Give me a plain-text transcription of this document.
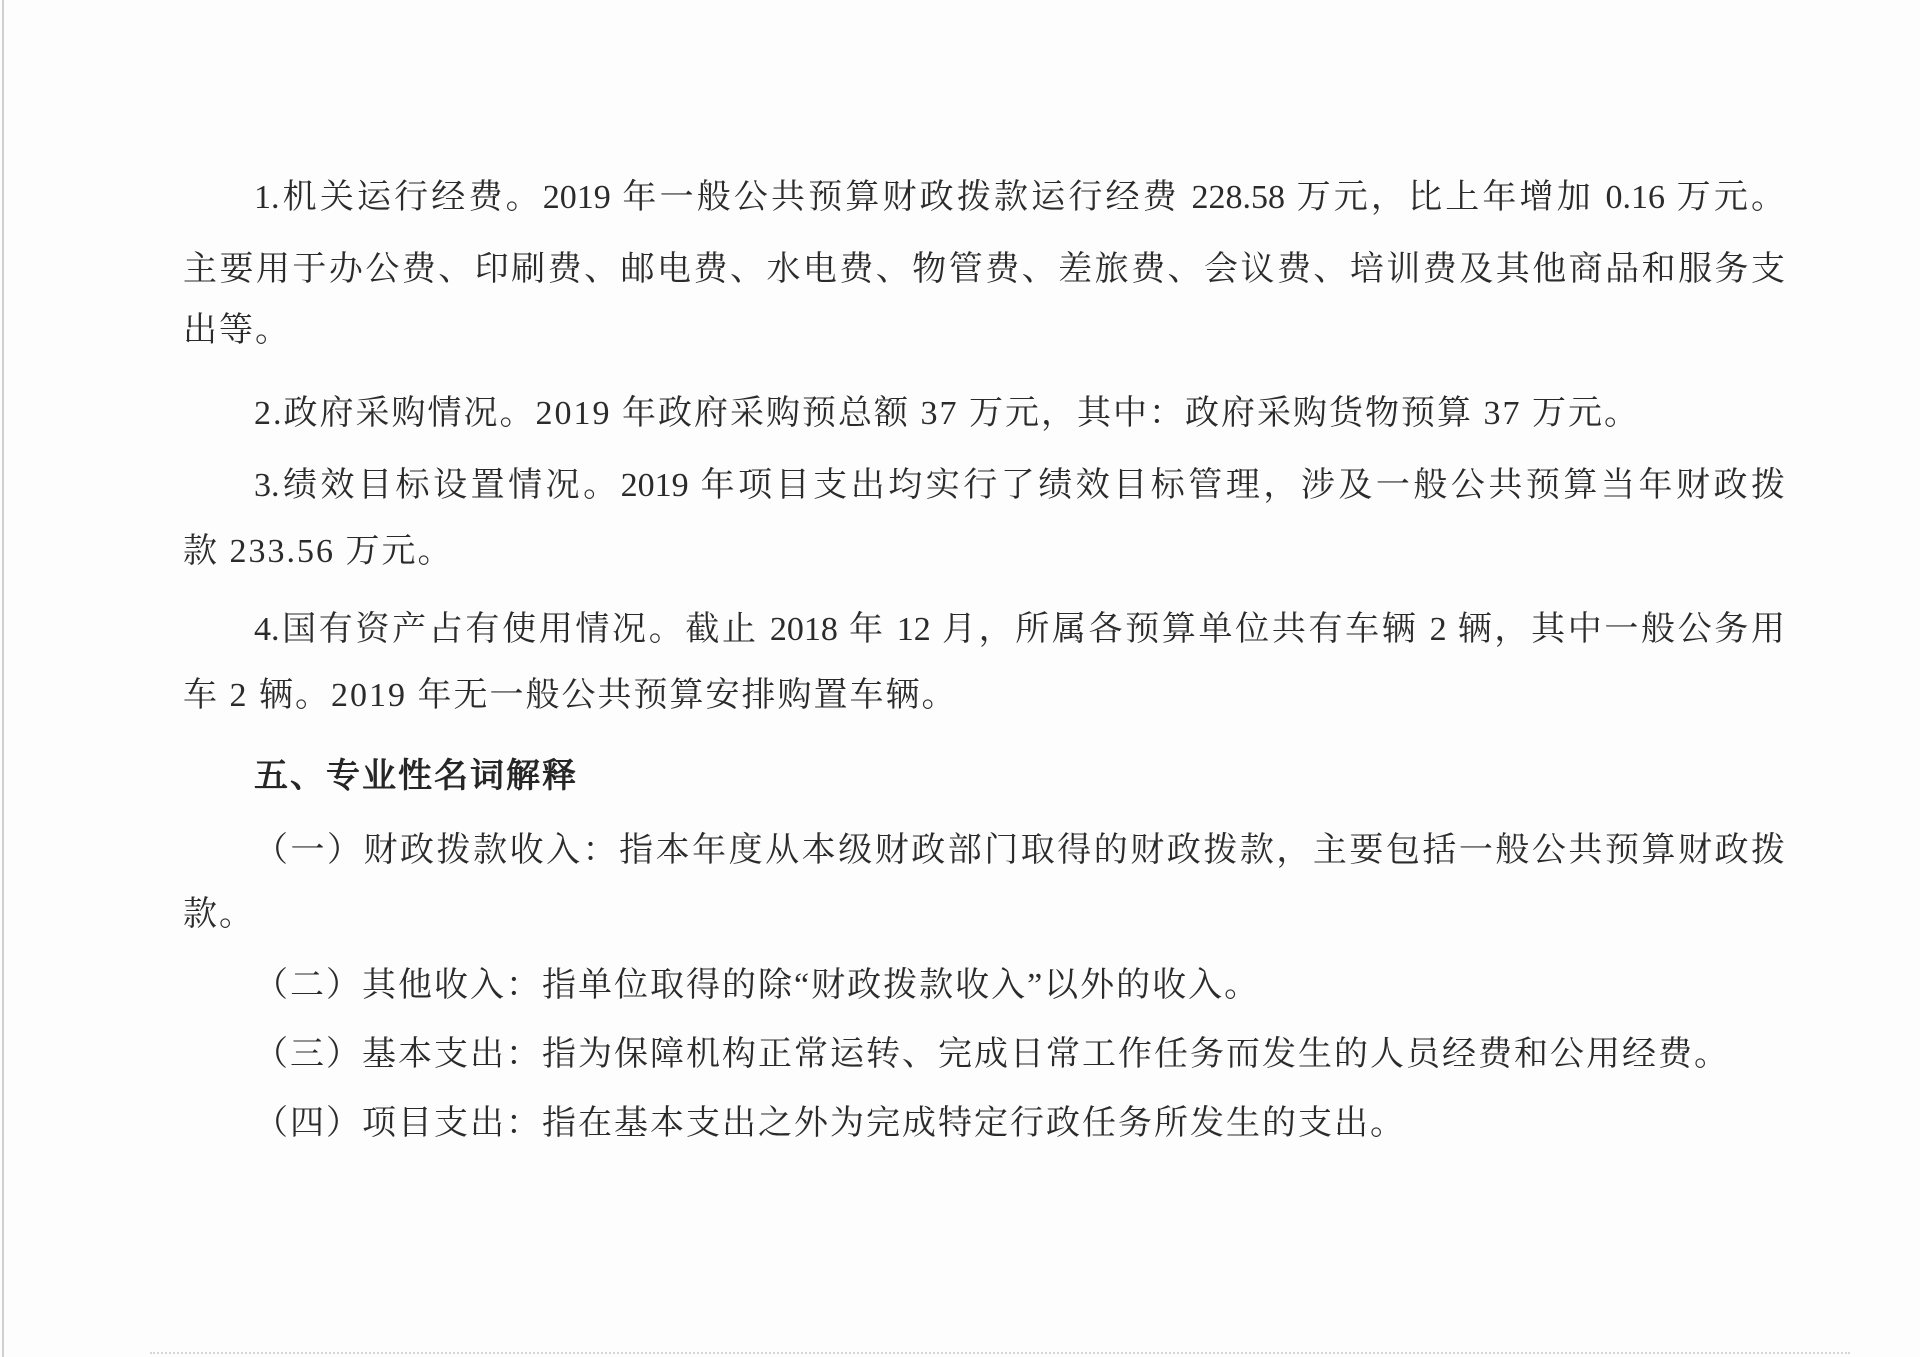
1.机关运行经费。2019 年一般公共预算财政拨款运行经费 228.58 万元，比上年增加 0.16 万元。
主要用于办公费、印刷费、邮电费、水电费、物管费、差旅费、会议费、培训费及其他商品和服务支
出等。
2.政府采购情况。2019 年政府采购预总额 37 万元，其中：政府采购货物预算 37 万元。
3.绩效目标设置情况。2019 年项目支出均实行了绩效目标管理，涉及一般公共预算当年财政拨
款 233.56 万元。
4.国有资产占有使用情况。截止 2018 年 12 月，所属各预算单位共有车辆 2 辆，其中一般公务用
车 2 辆。2019 年无一般公共预算安排购置车辆。
五、专业性名词解释
（一）财政拨款收入：指本年度从本级财政部门取得的财政拨款，主要包括一般公共预算财政拨
款。
（二）其他收入：指单位取得的除“财政拨款收入”以外的收入。
（三）基本支出：指为保障机构正常运转、完成日常工作任务而发生的人员经费和公用经费。
（四）项目支出：指在基本支出之外为完成特定行政任务所发生的支出。
